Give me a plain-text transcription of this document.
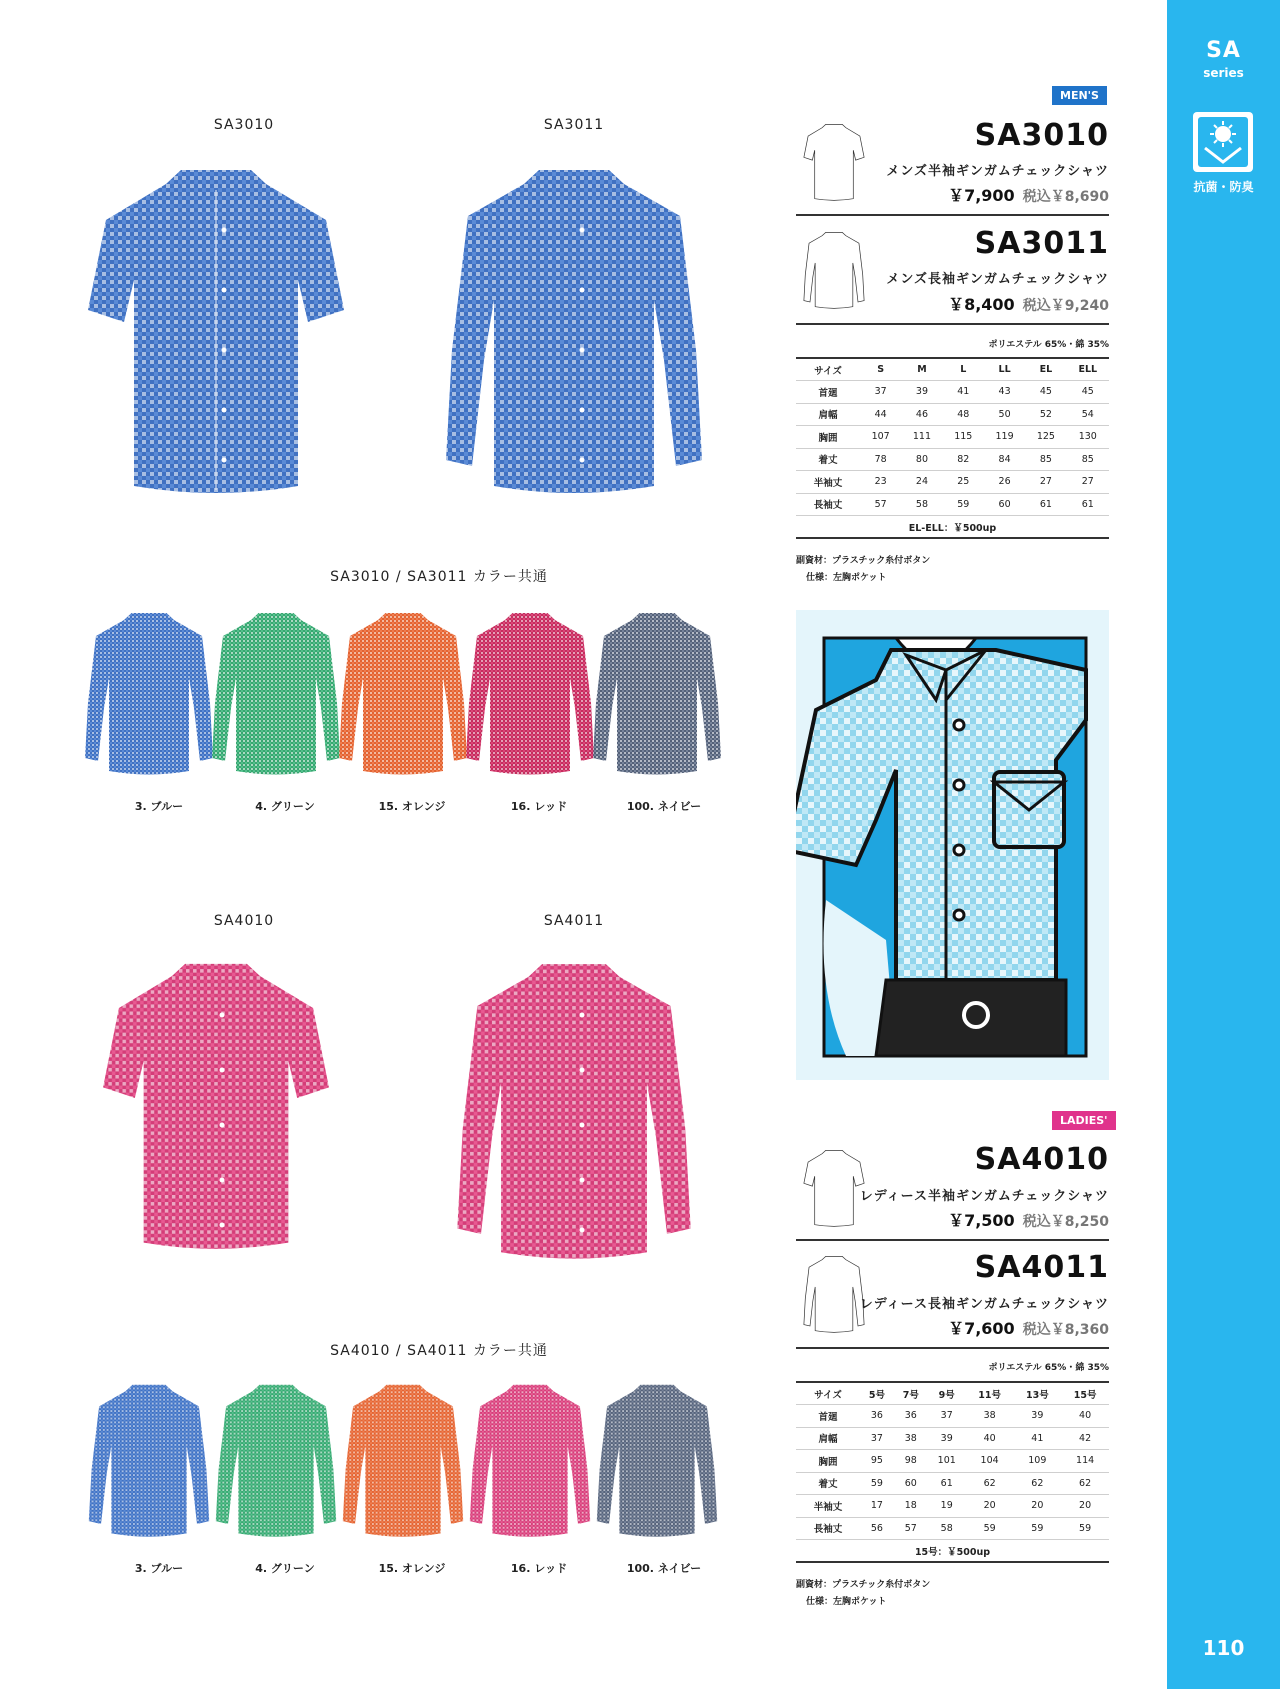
SA
series
抗菌・防臭
110
SA3010	SA3011
SA3010 / SA3011 カラー共通
3. ブルー	4. グリーン	15. オレンジ	16. レッド	100. ネイビー
SA4010	SA4011
SA4010 / SA4011 カラー共通
3. ブルー	4. グリーン	15. オレンジ	16. レッド	100. ネイビー
MEN'S
SA3010
メンズ半袖ギンガムチェックシャツ
￥7,900 税込￥8,690
SA3011
メンズ長袖ギンガムチェックシャツ
￥8,400 税込￥9,240
ポリエステル 65%・綿 35%
サイズ	S	M	L	LL	EL	ELL
首廻	37	39	41	43	45	45
肩幅	44	46	48	50	52	54
胸囲	107	111	115	119	125	130
着丈	78	80	82	84	85	85
半袖丈	23	24	25	26	27	27
長袖丈	57	58	59	60	61	61
EL-ELL：￥500up						
副資材：プラスチック糸付ボタン
仕様：左胸ポケット
LADIES'
SA4010
レディース半袖ギンガムチェックシャツ
￥7,500 税込￥8,250
SA4011
レディース長袖ギンガムチェックシャツ
￥7,600 税込￥8,360
ポリエステル 65%・綿 35%
サイズ	5号	7号	9号	11号	13号	15号
首廻	36	36	37	38	39	40
肩幅	37	38	39	40	41	42
胸囲	95	98	101	104	109	114
着丈	59	60	61	62	62	62
半袖丈	17	18	19	20	20	20
長袖丈	56	57	58	59	59	59
15号：￥500up						
副資材：プラスチック糸付ボタン
仕様：左胸ポケット
